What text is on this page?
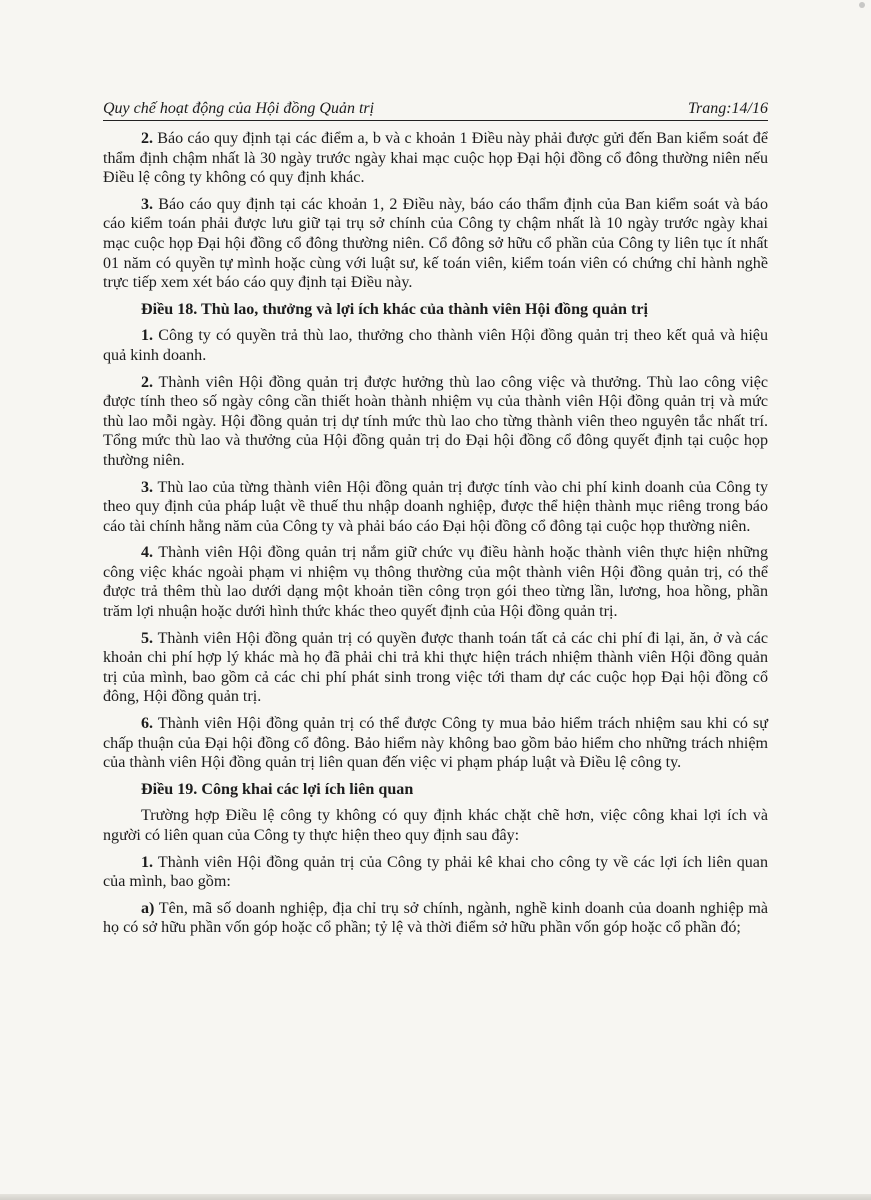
Quy chế hoạt động của Hội đồng Quản trị	Trang:14/16

2. Báo cáo quy định tại các điểm a, b và c khoản 1 Điều này phải được gửi đến Ban kiểm soát để thẩm định chậm nhất là 30 ngày trước ngày khai mạc cuộc họp Đại hội đồng cổ đông thường niên nếu Điều lệ công ty không có quy định khác.

3. Báo cáo quy định tại các khoản 1, 2 Điều này, báo cáo thẩm định của Ban kiểm soát và báo cáo kiểm toán phải được lưu giữ tại trụ sở chính của Công ty chậm nhất là 10 ngày trước ngày khai mạc cuộc họp Đại hội đồng cổ đông thường niên. Cổ đông sở hữu cổ phần của Công ty liên tục ít nhất 01 năm có quyền tự mình hoặc cùng với luật sư, kế toán viên, kiểm toán viên có chứng chỉ hành nghề trực tiếp xem xét báo cáo quy định tại Điều này.

Điều 18. Thù lao, thưởng và lợi ích khác của thành viên Hội đồng quản trị

1. Công ty có quyền trả thù lao, thưởng cho thành viên Hội đồng quản trị theo kết quả và hiệu quả kinh doanh.

2. Thành viên Hội đồng quản trị được hưởng thù lao công việc và thưởng. Thù lao công việc được tính theo số ngày công cần thiết hoàn thành nhiệm vụ của thành viên Hội đồng quản trị và mức thù lao mỗi ngày. Hội đồng quản trị dự tính mức thù lao cho từng thành viên theo nguyên tắc nhất trí. Tổng mức thù lao và thưởng của Hội đồng quản trị do Đại hội đồng cổ đông quyết định tại cuộc họp thường niên.

3. Thù lao của từng thành viên Hội đồng quản trị được tính vào chi phí kinh doanh của Công ty theo quy định của pháp luật về thuế thu nhập doanh nghiệp, được thể hiện thành mục riêng trong báo cáo tài chính hằng năm của Công ty và phải báo cáo Đại hội đồng cổ đông tại cuộc họp thường niên.

4. Thành viên Hội đồng quản trị nắm giữ chức vụ điều hành hoặc thành viên thực hiện những công việc khác ngoài phạm vi nhiệm vụ thông thường của một thành viên Hội đồng quản trị, có thể được trả thêm thù lao dưới dạng một khoản tiền công trọn gói theo từng lần, lương, hoa hồng, phần trăm lợi nhuận hoặc dưới hình thức khác theo quyết định của Hội đồng quản trị.

5. Thành viên Hội đồng quản trị có quyền được thanh toán tất cả các chi phí đi lại, ăn, ở và các khoản chi phí hợp lý khác mà họ đã phải chi trả khi thực hiện trách nhiệm thành viên Hội đồng quản trị của mình, bao gồm cả các chi phí phát sinh trong việc tới tham dự các cuộc họp Đại hội đồng cổ đông, Hội đồng quản trị.

6. Thành viên Hội đồng quản trị có thể được Công ty mua bảo hiểm trách nhiệm sau khi có sự chấp thuận của Đại hội đồng cổ đông. Bảo hiểm này không bao gồm bảo hiểm cho những trách nhiệm của thành viên Hội đồng quản trị liên quan đến việc vi phạm pháp luật và Điều lệ công ty.

Điều 19. Công khai các lợi ích liên quan

Trường hợp Điều lệ công ty không có quy định khác chặt chẽ hơn, việc công khai lợi ích và người có liên quan của Công ty thực hiện theo quy định sau đây:

1. Thành viên Hội đồng quản trị của Công ty phải kê khai cho công ty về các lợi ích liên quan của mình, bao gồm:

a) Tên, mã số doanh nghiệp, địa chỉ trụ sở chính, ngành, nghề kinh doanh của doanh nghiệp mà họ có sở hữu phần vốn góp hoặc cổ phần; tỷ lệ và thời điểm sở hữu phần vốn góp hoặc cổ phần đó;
